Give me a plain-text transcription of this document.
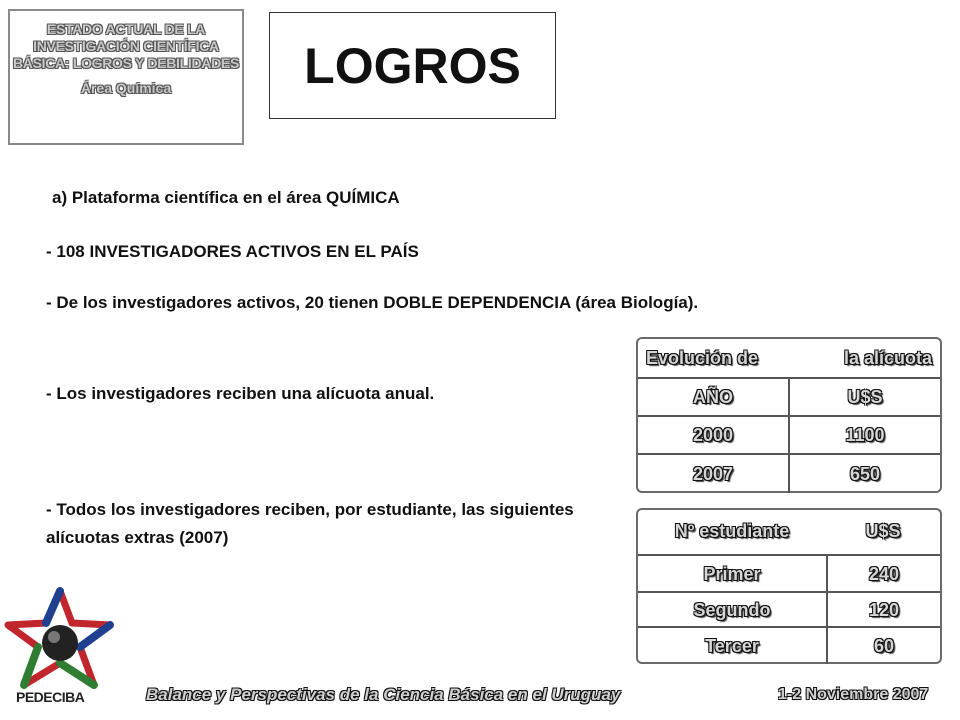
ESTADO ACTUAL DE LA INVESTIGACIÓN CIENTÍFICA BÁSICA: LOGROS Y DEBILIDADES
Área Química	LOGROS
a) Plataforma científica en el área QUÍMICA
- 108 INVESTIGADORES ACTIVOS EN EL PAÍS
- De los investigadores activos, 20 tienen DOBLE DEPENDENCIA (área Biología).
- Los investigadores reciben una alícuota anual.
- Todos los investigadores reciben, por estudiante, las siguientes alícuotas extras (2007)
Evolución de	la alícuota
AÑO	U$S
2000	1100
2007	650
Nº estudiante	U$S
Primer	240
Segundo	120
Tercer	60
PEDECIBA	Balance y Perspectivas de la Ciencia Básica en el Uruguay	1-2 Noviembre 2007
